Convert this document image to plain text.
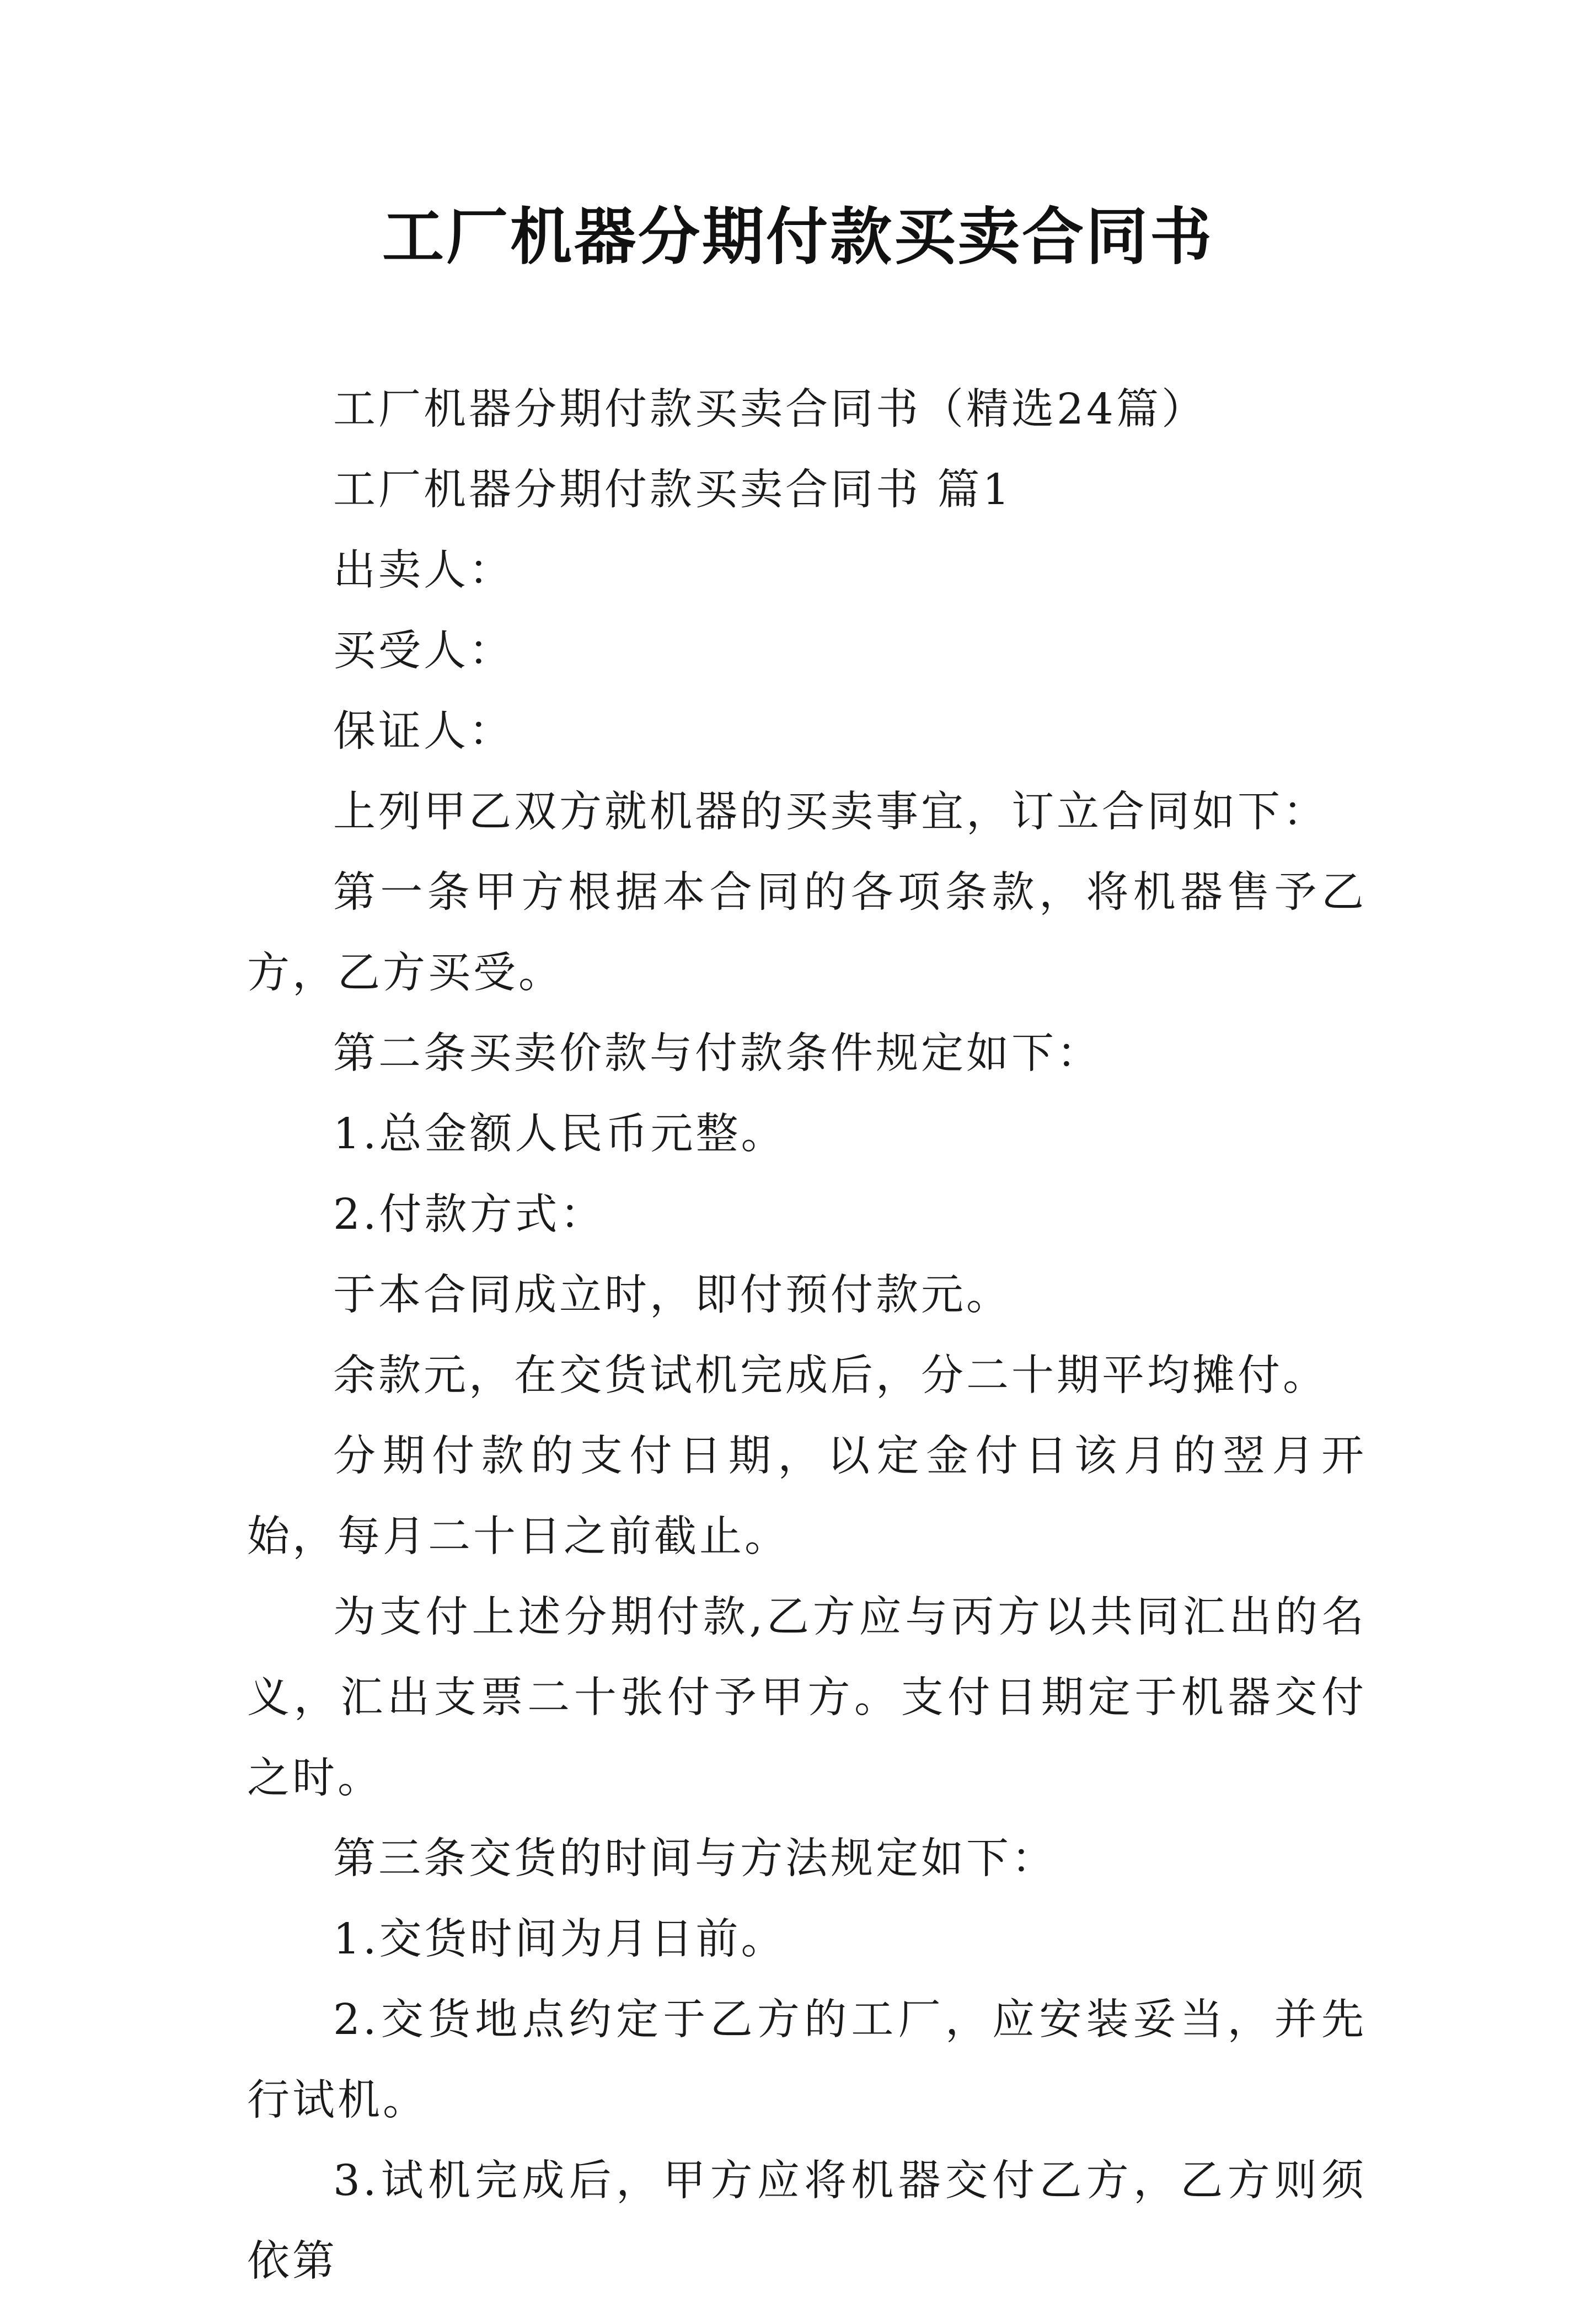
工厂机器分期付款买卖合同书

工厂机器分期付款买卖合同书（精选24篇）

工厂机器分期付款买卖合同书 篇1

出卖人：

买受人：

保证人：

上列甲乙双方就机器的买卖事宜，订立合同如下：

第一条甲方根据本合同的各项条款，将机器售予乙方，乙方买受。

第二条买卖价款与付款条件规定如下：

1.总金额人民币元整。

2.付款方式：

于本合同成立时，即付预付款元。

余款元，在交货试机完成后，分二十期平均摊付。

分期付款的支付日期，以定金付日该月的翌月开始，每月二十日之前截止。

为支付上述分期付款,乙方应与丙方以共同汇出的名义，汇出支票二十张付予甲方。支付日期定于机器交付之时。

第三条交货的时间与方法规定如下：

1.交货时间为月日前。

2.交货地点约定于乙方的工厂，应安装妥当，并先行试机。

3.试机完成后，甲方应将机器交付乙方，乙方则须依第
